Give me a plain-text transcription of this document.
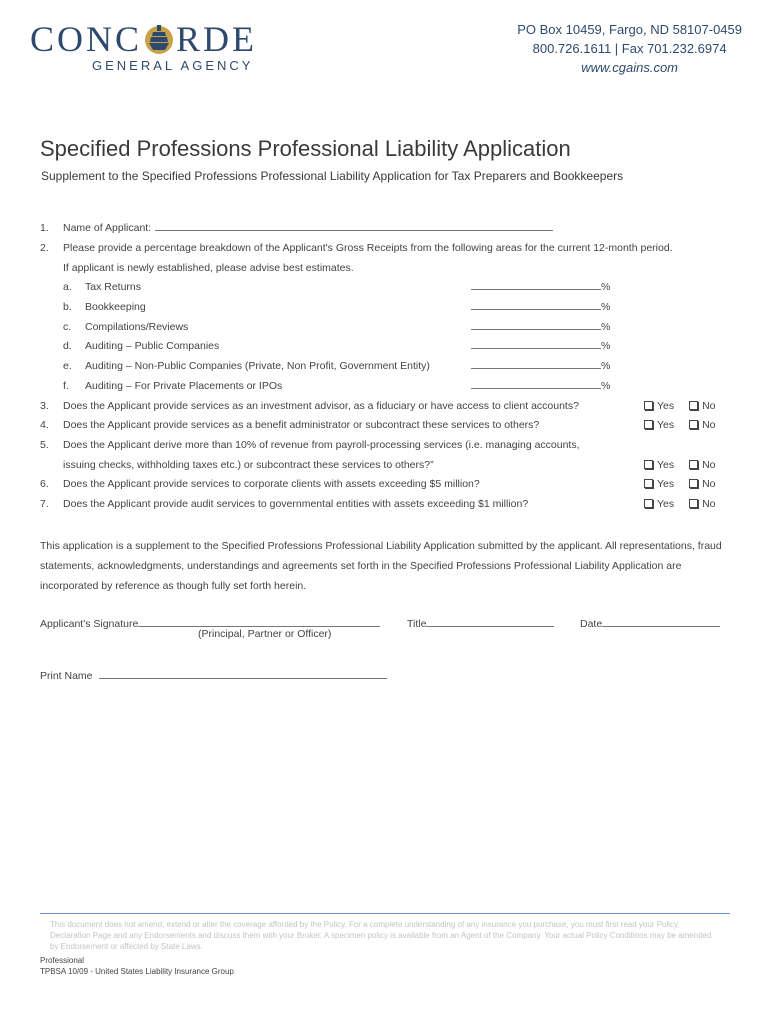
CONC RDE
GENERAL AGENCY
PO Box 10459, Fargo, ND 58107-0459
800.726.1611 | Fax 701.232.6974
www.cgains.com
Specified Professions Professional Liability Application
Supplement to the Specified Professions Professional Liability Application for Tax Preparers and Bookkeepers
1. Name of Applicant:
2. Please provide a percentage breakdown of the Applicant's Gross Receipts from the following areas for the current 12-month period.
If applicant is newly established, please advise best estimates.
a. Tax Returns	%
b. Bookkeeping	%
c. Compilations/Reviews	%
d. Auditing – Public Companies	%
e. Auditing – Non-Public Companies (Private, Non Profit, Government Entity)	%
f. Auditing – For Private Placements or IPOs	%
3. Does the Applicant provide services as an investment advisor, as a fiduciary or have access to client accounts?	Yes	No
4. Does the Applicant provide services as a benefit administrator or subcontract these services to others?	Yes	No
5. Does the Applicant derive more than 10% of revenue from payroll-processing services (i.e. managing accounts,
issuing checks, withholding taxes etc.) or subcontract these services to others?”	Yes	No
6. Does the Applicant provide services to corporate clients with assets exceeding $5 million?	Yes	No
7. Does the Applicant provide audit services to governmental entities with assets exceeding $1 million?	Yes	No
This application is a supplement to the Specified Professions Professional Liability Application submitted by the applicant. All representations, fraud statements, acknowledgments, understandings and agreements set forth in the Specified Professions Professional Liability Application are incorporated by reference as though fully set forth herein.
Applicant's Signature
(Principal, Partner or Officer)
Title	Date
Print Name
This document does not amend, extend or alter the coverage afforded by the Policy. For a complete understanding of any insurance you purchase, you must first read your Policy, Declaration Page and any Endorsements and discuss them with your Broker. A specimen policy is available from an Agent of the Company. Your actual Policy Conditions may be amended by Endorsement or affected by State Laws.
Professional
TPBSA 10/09 - United States Liability Insurance Group
